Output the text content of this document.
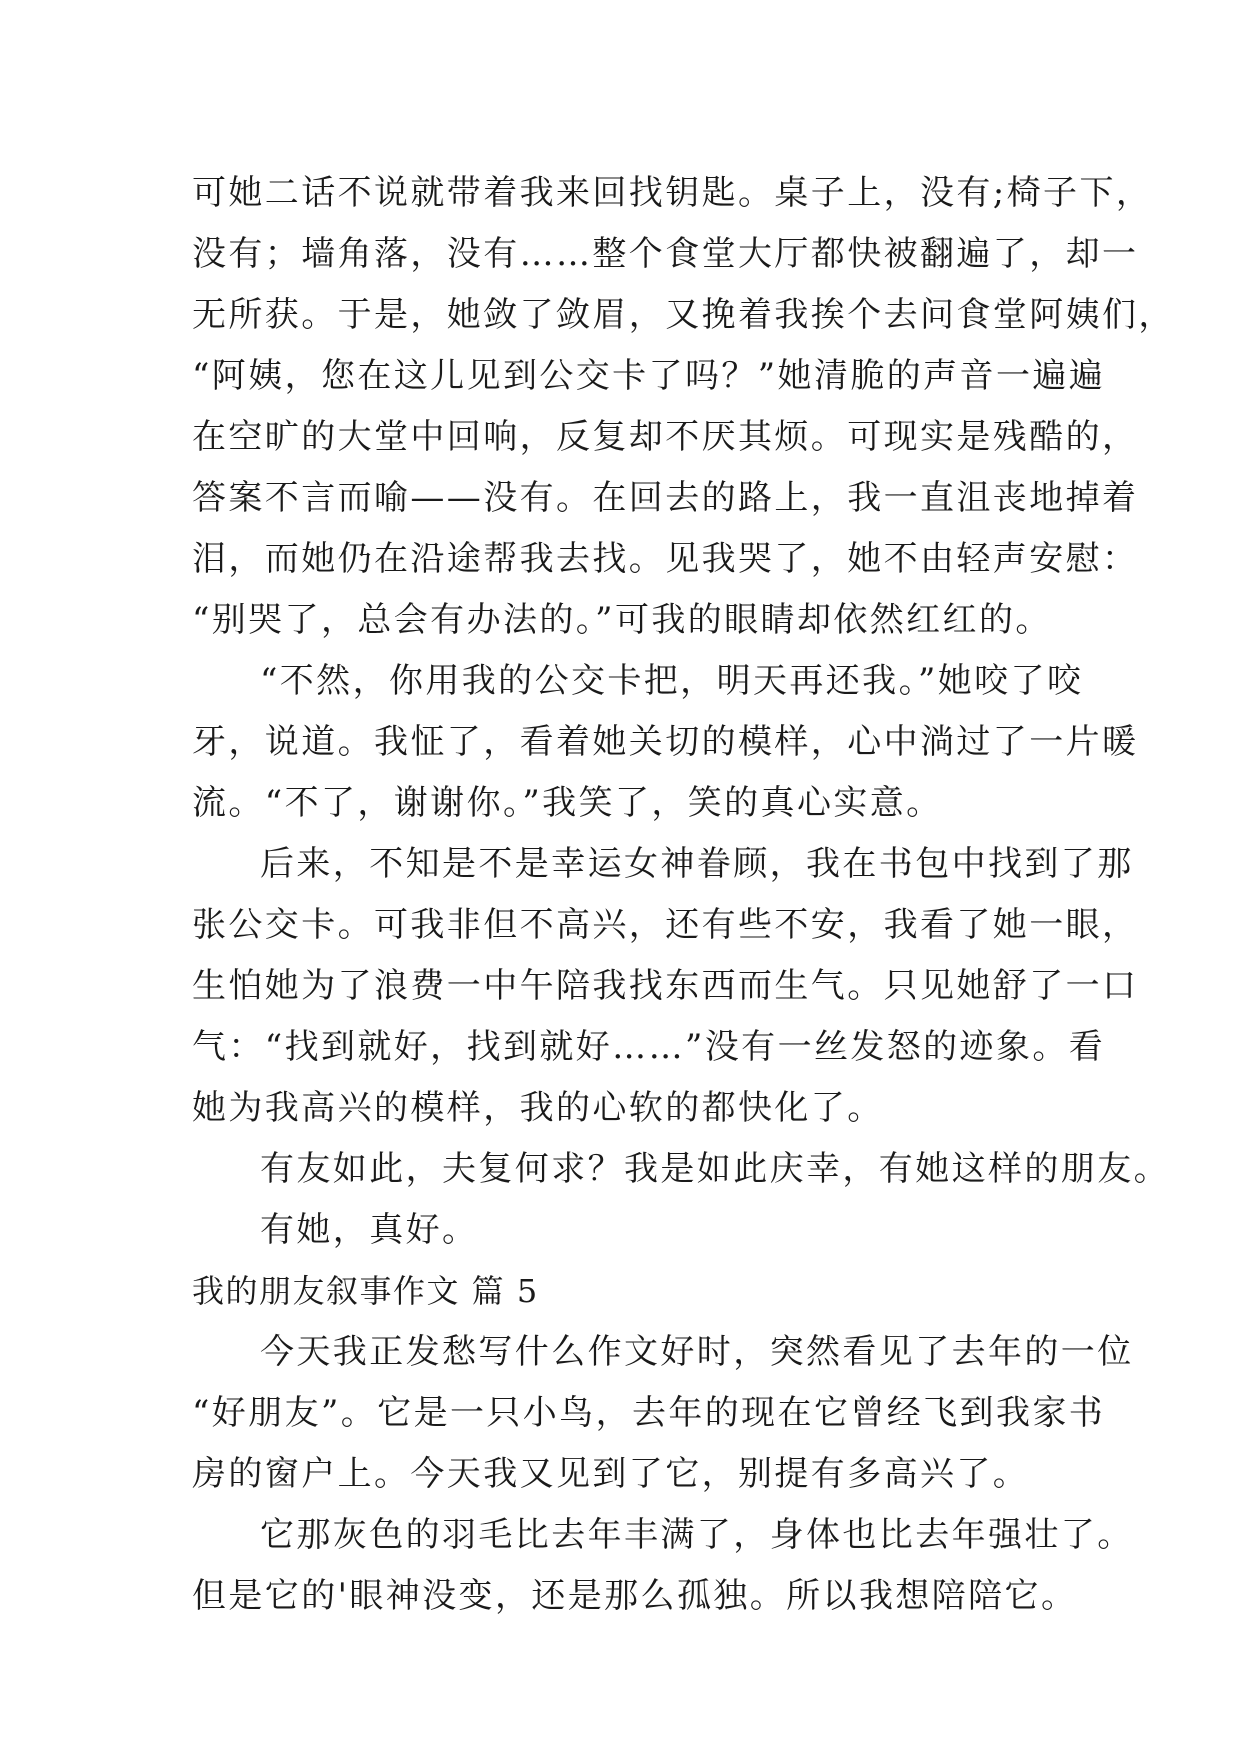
可她二话不说就带着我来回找钥匙。桌子上，没有;椅子下，
没有；墙角落，没有……整个食堂大厅都快被翻遍了，却一
无所获。于是，她敛了敛眉，又挽着我挨个去问食堂阿姨们，
“阿姨，您在这儿见到公交卡了吗？”她清脆的声音一遍遍
在空旷的大堂中回响，反复却不厌其烦。可现实是残酷的，
答案不言而喻——没有。在回去的路上，我一直沮丧地掉着
泪，而她仍在沿途帮我去找。见我哭了，她不由轻声安慰：
“别哭了，总会有办法的。”可我的眼睛却依然红红的。
“不然，你用我的公交卡把，明天再还我。”她咬了咬
牙，说道。我怔了，看着她关切的模样，心中淌过了一片暖
流。“不了，谢谢你。”我笑了，笑的真心实意。
后来，不知是不是幸运女神眷顾，我在书包中找到了那
张公交卡。可我非但不高兴，还有些不安，我看了她一眼，
生怕她为了浪费一中午陪我找东西而生气。只见她舒了一口
气：“找到就好，找到就好……”没有一丝发怒的迹象。看
她为我高兴的模样，我的心软的都快化了。
有友如此，夫复何求？我是如此庆幸，有她这样的朋友。
有她，真好。
我的朋友叙事作文 篇 5
今天我正发愁写什么作文好时，突然看见了去年的一位
“好朋友”。它是一只小鸟，去年的现在它曾经飞到我家书
房的窗户上。今天我又见到了它，别提有多高兴了。
它那灰色的羽毛比去年丰满了，身体也比去年强壮了。
但是它的'眼神没变，还是那么孤独。所以我想陪陪它。
